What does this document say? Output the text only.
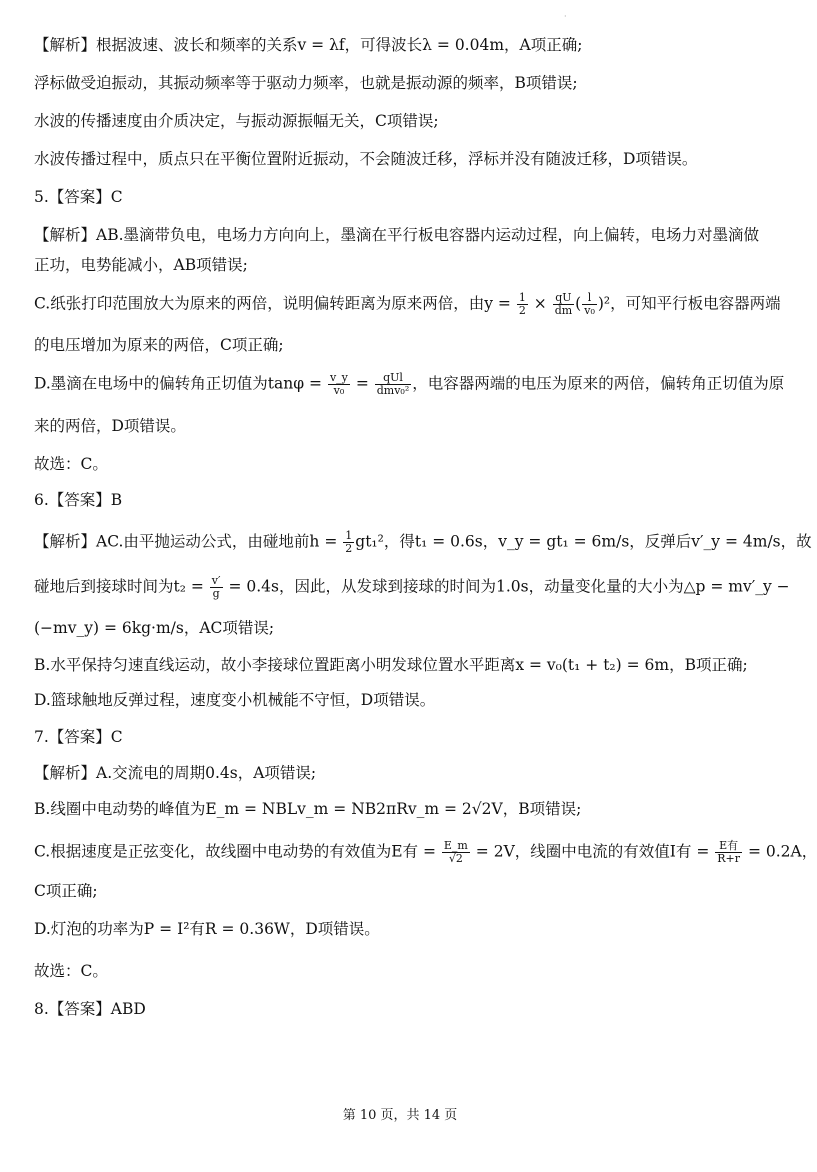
·
【解析】根据波速、波长和频率的关系v = λf，可得波长λ = 0.04m，A项正确;
浮标做受迫振动，其振动频率等于驱动力频率，也就是振动源的频率，B项错误;
水波的传播速度由介质决定，与振动源振幅无关，C项错误;
水波传播过程中，质点只在平衡位置附近振动，不会随波迁移，浮标并没有随波迁移，D项错误。
5.【答案】C
【解析】AB.墨滴带负电，电场力方向向上，墨滴在平行板电容器内运动过程，向上偏转，电场力对墨滴做
正功，电势能减小，AB项错误;
C.纸张打印范围放大为原来的两倍，说明偏转距离为原来两倍，由$y = \frac{1}{2} \times \frac{qU}{dm}$ ( $\frac{l}{\text{v₀}} )^2$，可知平行板电容器两端
的电压增加为原来的两倍，C项正确;
D.墨滴在电场中的偏转角正切值为$\tan\varphi = \frac{v\_y}{\text{v₀}}$ = qUl
dmv₀² ，电容器两端的电压为原来的两倍，偏转角正切值为原
来的两倍，D项错误。
故选：C。
6.【答案】B
【解析】AC.由平抛运动公式，由碰地前$h = \frac{1}{2} gt_1^2$，得t₁ = 0.6s，v_y = gt₁ = 6m/s，反弹后v′_y = 4m/s，故
碰地后到接球时间为$t_2 = \frac{v'}{g} = 0.4s$，因此，从发球到接球的时间为1.0s，动量变化量的大小为△p = mv′_y −
(−mv_y) = 6kg·m/s，AC项错误;
B.水平保持匀速直线运动，故小李接球位置距离小明发球位置水平距离x = v₀(t₁ + t₂) = 6m，B项正确;
D.篮球触地反弹过程，速度变小机械能不守恒，D项错误。
7.【答案】C
【解析】A.交流电的周期0.4s，A项错误;
B.线圈中电动势的峰值为E_m = NBLv_m = NB2πRv_m = 2√2V，B项错误;
C.根据速度是正弦变化，故线圈中电动势的有效值为E有 = $\frac{E\_m}{√2} = 2V$，线圈中电流的有效值I有 = E有
R+r = 0.2A，
C项正确;
D.灯泡的功率为P = I²有R = 0.36W，D项错误。
故选：C。
8.【答案】ABD
第 10 页，共 14 页
